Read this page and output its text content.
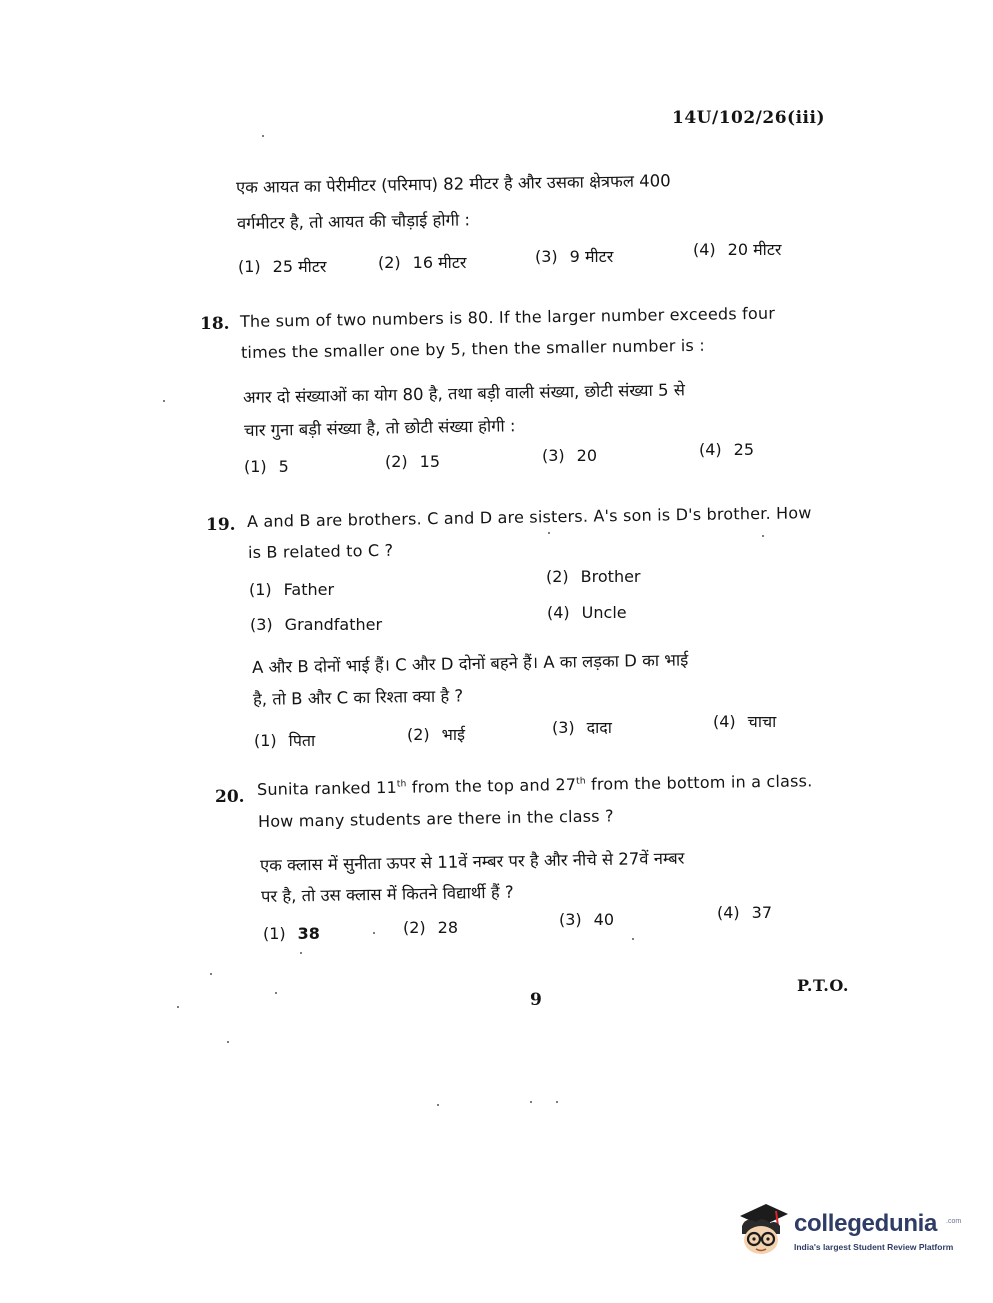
14U/102/26(iii)
एक आयत का पेरीमीटर (परिमाप) 82 मीटर है और उसका क्षेत्रफल 400
वर्गमीटर है, तो आयत की चौड़ाई होगी :
(1) 25 मीटर	(2) 16 मीटर	(3) 9 मीटर	(4) 20 मीटर
18. The sum of two numbers is 80. If the larger number exceeds four
times the smaller one by 5, then the smaller number is :
अगर दो संख्याओं का योग 80 है, तथा बड़ी वाली संख्या, छोटी संख्या 5 से
चार गुना बड़ी संख्या है, तो छोटी संख्या होगी :
(1) 5	(2) 15	(3) 20	(4) 25
19. A and B are brothers. C and D are sisters. A's son is D's brother. How
is B related to C ?
(1) Father
(2) Brother
(3) Grandfather
(4) Uncle
A और B दोनों भाई हैं। C और D दोनों बहने हैं। A का लड़का D का भाई
है, तो B और C का रिश्ता क्या है ?
(1) पिता	(2) भाई	(3) दादा	(4) चाचा
20. Sunita ranked 11th from the top and 27th from the bottom in a class.
How many students are there in the class ?
एक क्लास में सुनीता ऊपर से 11वें नम्बर पर है और नीचे से 27वें नम्बर
पर है, तो उस क्लास में कितने विद्यार्थी हैं ?
(1) 38	(2) 28	(3) 40	(4) 37
9
P.T.O.
collegedunia .com
India's largest Student Review Platform
